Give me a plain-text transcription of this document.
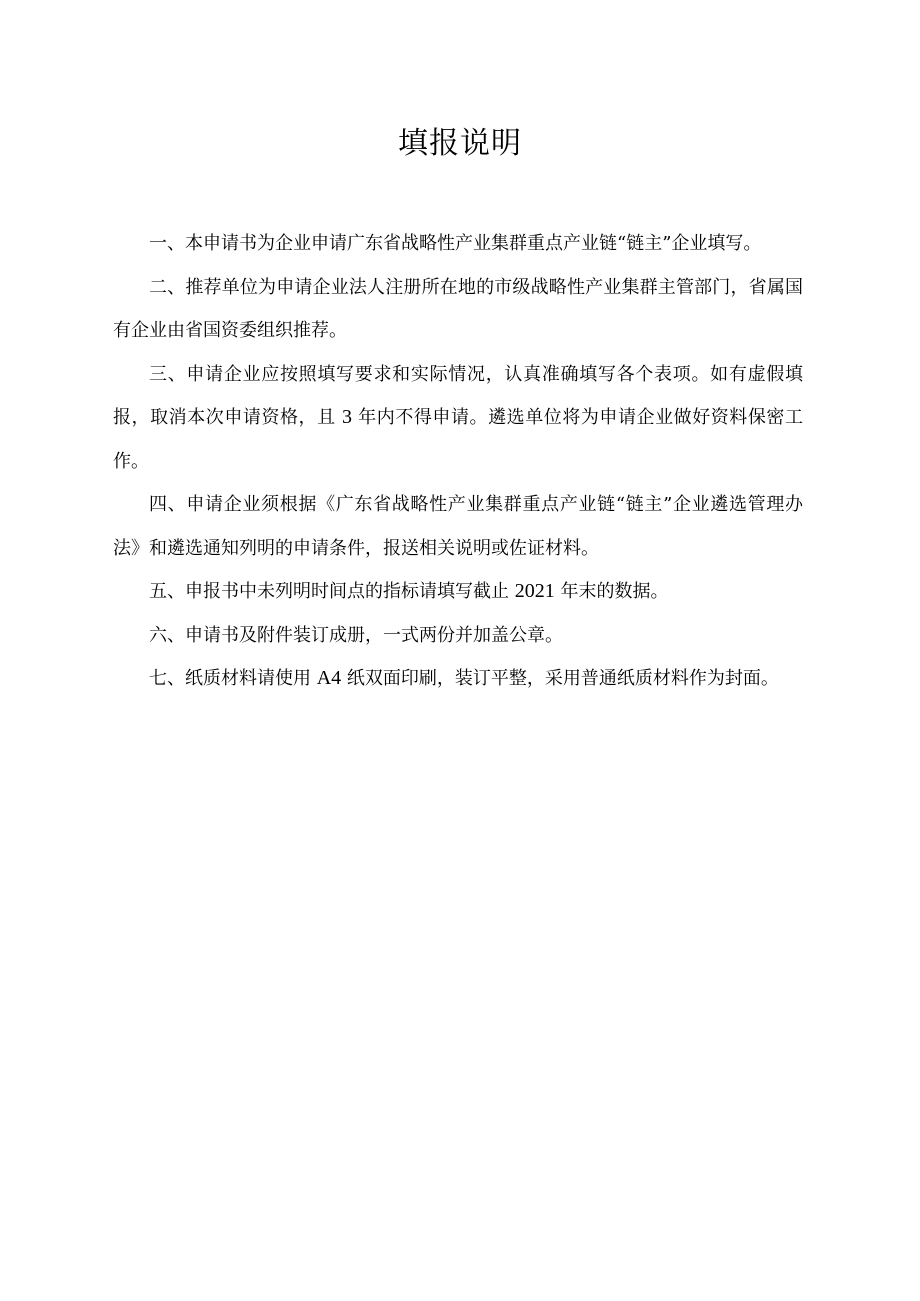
填报说明

一、本申请书为企业申请广东省战略性产业集群重点产业链“链主”企业填写。

二、推荐单位为申请企业法人注册所在地的市级战略性产业集群主管部门，省属国有企业由省国资委组织推荐。

三、申请企业应按照填写要求和实际情况，认真准确填写各个表项。如有虚假填报，取消本次申请资格，且 3 年内不得申请。遴选单位将为申请企业做好资料保密工作。

四、申请企业须根据《广东省战略性产业集群重点产业链“链主”企业遴选管理办法》和遴选通知列明的申请条件，报送相关说明或佐证材料。

五、申报书中未列明时间点的指标请填写截止 2021 年末的数据。

六、申请书及附件装订成册，一式两份并加盖公章。

七、纸质材料请使用 A4 纸双面印刷，装订平整，采用普通纸质材料作为封面。
